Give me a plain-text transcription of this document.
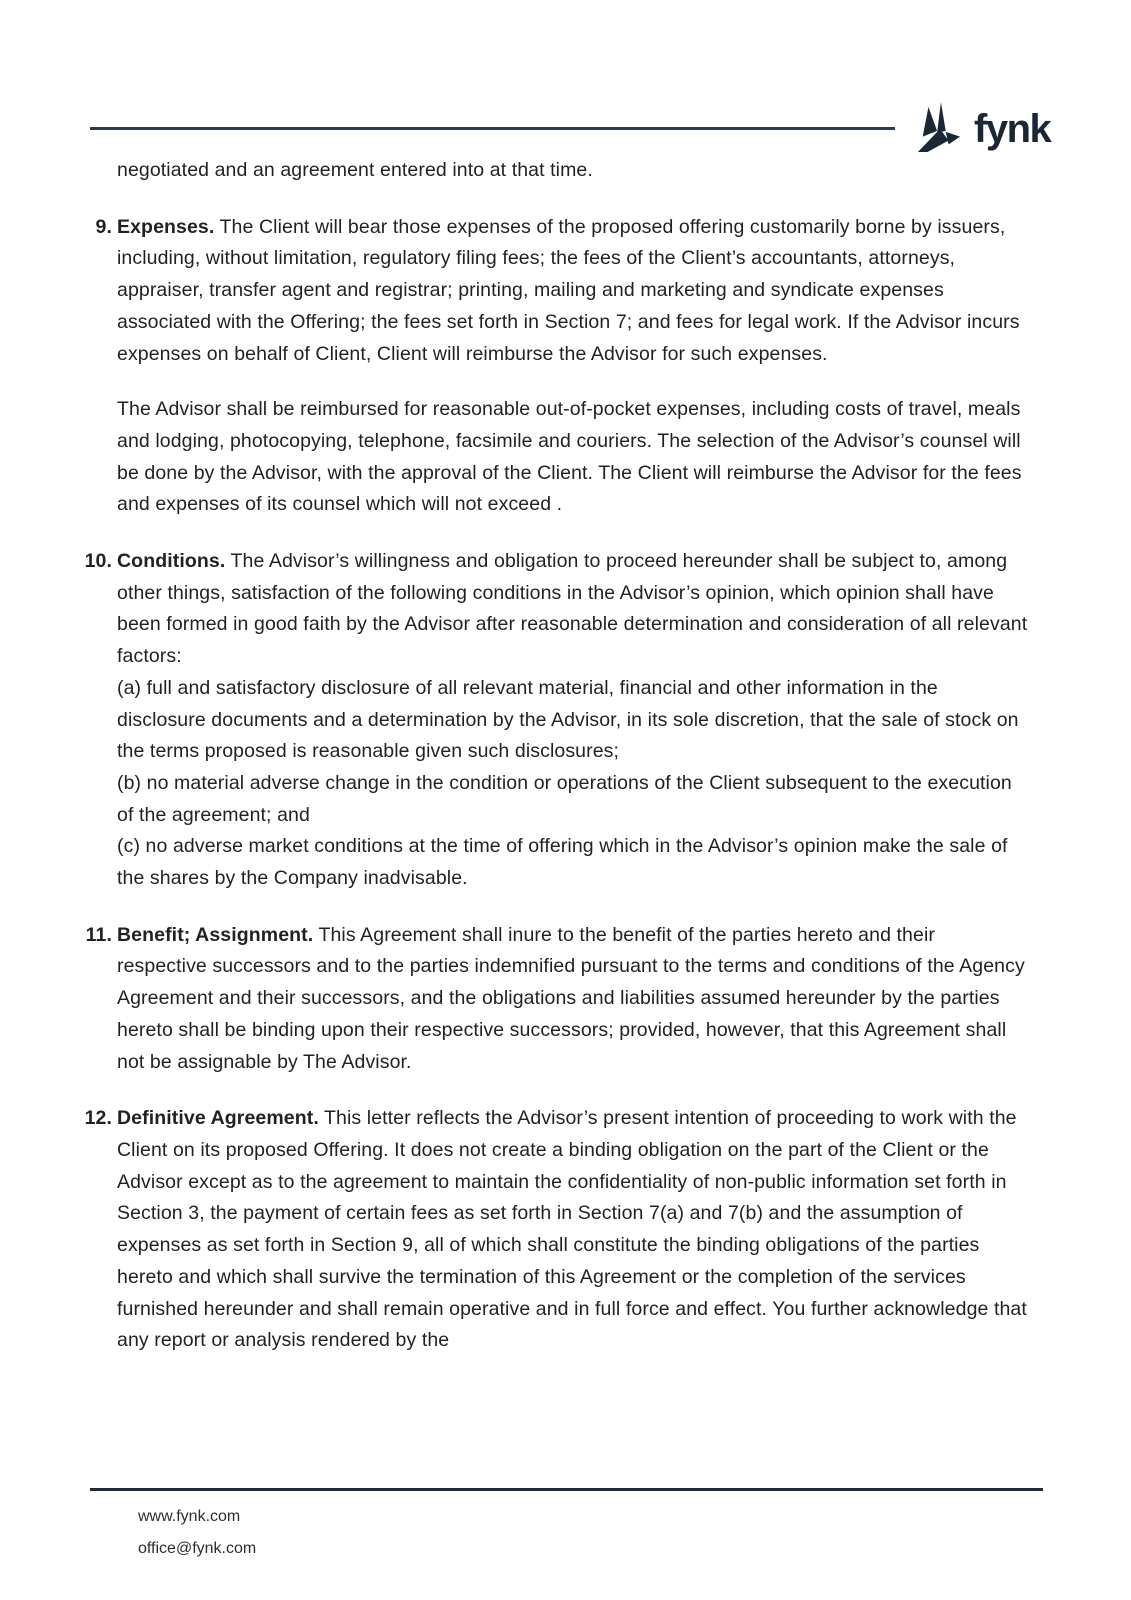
fynk

negotiated and an agreement entered into at that time.

9. Expenses. The Client will bear those expenses of the proposed offering customarily borne by issuers, including, without limitation, regulatory filing fees; the fees of the Client’s accountants, attorneys, appraiser, transfer agent and registrar; printing, mailing and marketing and syndicate expenses associated with the Offering; the fees set forth in Section 7; and fees for legal work. If the Advisor incurs expenses on behalf of Client, Client will reimburse the Advisor for such expenses.

The Advisor shall be reimbursed for reasonable out-of-pocket expenses, including costs of travel, meals and lodging, photocopying, telephone, facsimile and couriers. The selection of the Advisor’s counsel will be done by the Advisor, with the approval of the Client. The Client will reimburse the Advisor for the fees and expenses of its counsel which will not exceed .

10. Conditions. The Advisor’s willingness and obligation to proceed hereunder shall be subject to, among other things, satisfaction of the following conditions in the Advisor’s opinion, which opinion shall have been formed in good faith by the Advisor after reasonable determination and consideration of all relevant factors:

(a) full and satisfactory disclosure of all relevant material, financial and other information in the disclosure documents and a determination by the Advisor, in its sole discretion, that the sale of stock on the terms proposed is reasonable given such disclosures;

(b) no material adverse change in the condition or operations of the Client subsequent to the execution of the agreement; and

(c) no adverse market conditions at the time of offering which in the Advisor’s opinion make the sale of the shares by the Company inadvisable.

11. Benefit; Assignment. This Agreement shall inure to the benefit of the parties hereto and their respective successors and to the parties indemnified pursuant to the terms and conditions of the Agency Agreement and their successors, and the obligations and liabilities assumed hereunder by the parties hereto shall be binding upon their respective successors; provided, however, that this Agreement shall not be assignable by The Advisor.

12. Definitive Agreement. This letter reflects the Advisor’s present intention of proceeding to work with the Client on its proposed Offering. It does not create a binding obligation on the part of the Client or the Advisor except as to the agreement to maintain the confidentiality of non-public information set forth in Section 3, the payment of certain fees as set forth in Section 7(a) and 7(b) and the assumption of expenses as set forth in Section 9, all of which shall constitute the binding obligations of the parties hereto and which shall survive the termination of this Agreement or the completion of the services furnished hereunder and shall remain operative and in full force and effect. You further acknowledge that any report or analysis rendered by the

www.fynk.com
office@fynk.com
